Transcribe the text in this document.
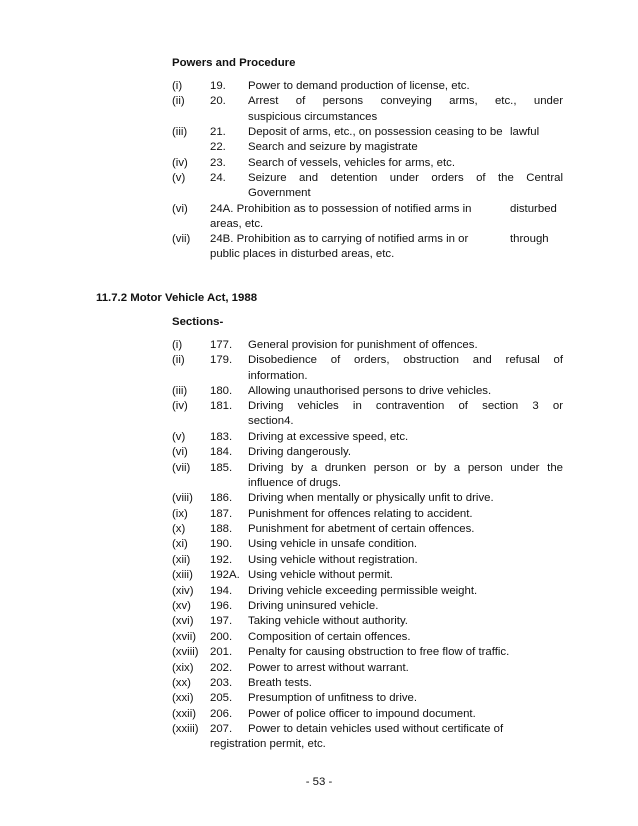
Powers and Procedure
(i) 19. Power to demand production of license, etc.
(ii) 20. Arrest of persons conveying arms, etc., under
suspicious circumstances
(iii) 21. Deposit of arms, etc., on possession ceasing to be lawful
22. Search and seizure by magistrate
(iv) 23. Search of vessels, vehicles for arms, etc.
(v) 24. Seizure and detention under orders of the Central
Government
(vi) 24A. Prohibition as to possession of notified arms in	disturbed
areas, etc.
(vii) 24B. Prohibition as to carrying of notified arms in or	through
public places in disturbed areas, etc.
11.7.2 Motor Vehicle Act, 1988
Sections-
(i) 177. General provision for punishment of offences.
(ii) 179. Disobedience of orders, obstruction and refusal of
information.
(iii) 180. Allowing unauthorised persons to drive vehicles.
(iv) 181. Driving vehicles in contravention of section 3 or
section4.
(v) 183. Driving at excessive speed, etc.
(vi) 184. Driving dangerously.
(vii) 185. Driving by a drunken person or by a person under the
influence of drugs.
(viii) 186. Driving when mentally or physically unfit to drive.
(ix) 187. Punishment for offences relating to accident.
(x) 188. Punishment for abetment of certain offences.
(xi) 190. Using vehicle in unsafe condition.
(xii) 192. Using vehicle without registration.
(xiii) 192A. Using vehicle without permit.
(xiv) 194. Driving vehicle exceeding permissible weight.
(xv) 196. Driving uninsured vehicle.
(xvi) 197. Taking vehicle without authority.
(xvii) 200. Composition of certain offences.
(xviii) 201. Penalty for causing obstruction to free flow of traffic.
(xix) 202. Power to arrest without warrant.
(xx) 203. Breath tests.
(xxi) 205. Presumption of unfitness to drive.
(xxii) 206. Power of police officer to impound document.
(xxiii) 207. Power to detain vehicles used without certificate of
registration permit, etc.
- 53 -
